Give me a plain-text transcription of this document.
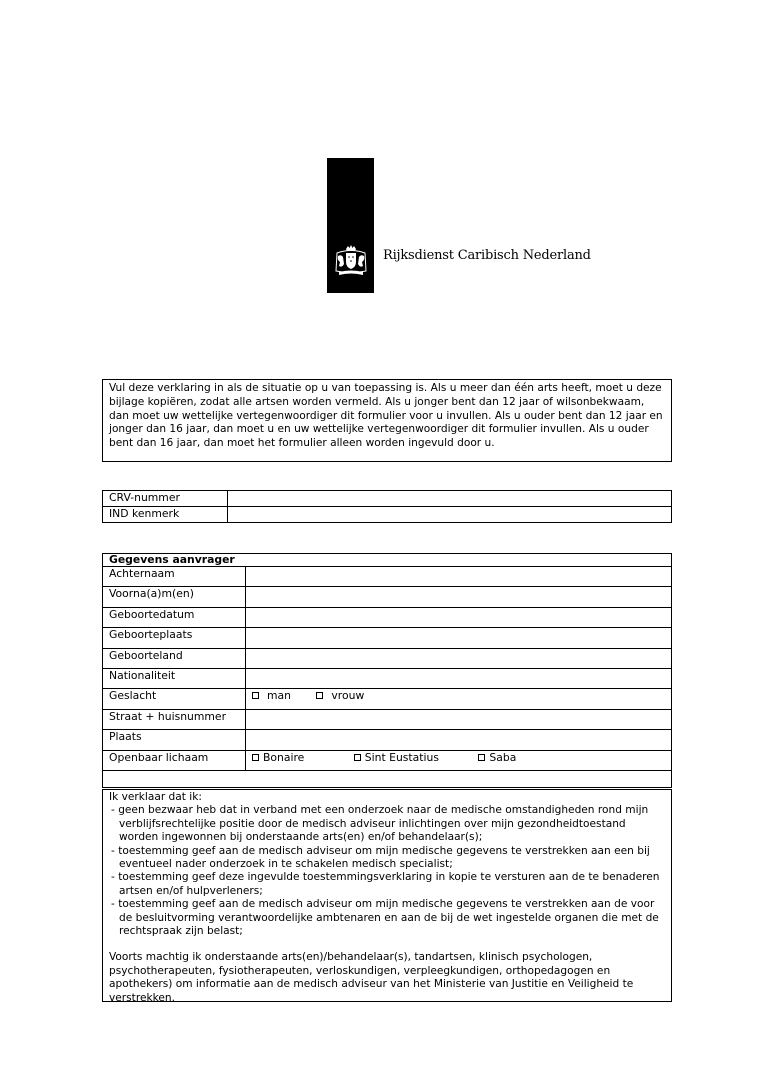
Rijksdienst Caribisch Nederland
Vul deze verklaring in als de situatie op u van toepassing is. Als u meer dan één arts heeft, moet u deze bijlage kopiëren, zodat alle artsen worden vermeld. Als u jonger bent dan 12 jaar of wilsonbekwaam, dan moet uw wettelijke vertegenwoordiger dit formulier voor u invullen. Als u ouder bent dan 12 jaar en jonger dan 16 jaar, dan moet u en uw wettelijke vertegenwoordiger dit formulier invullen. Als u ouder bent dan 16 jaar, dan moet het formulier alleen worden ingevuld door u.
CRV-nummer	
IND kenmerk	
Gegevens aanvrager	
Achternaam	
Voorna(a)m(en)	
Geboortedatum	
Geboorteplaats	
Geboorteland	
Nationaliteit	
Geslacht	man vrouw
Straat + huisnummer	
Plaats	
Openbaar lichaam	Bonaire Sint Eustatius Saba

Ik verklaar dat ik:

- geen bezwaar heb dat in verband met een onderzoek naar de medische omstandigheden rond mijn verblijfsrechtelijke positie door de medisch adviseur inlichtingen over mijn gezondheidtoestand worden ingewonnen bij onderstaande arts(en) en/of behandelaar(s);
- toestemming geef aan de medisch adviseur om mijn medische gegevens te verstrekken aan een bij eventueel nader onderzoek in te schakelen medisch specialist;
- toestemming geef deze ingevulde toestemmingsverklaring in kopie te versturen aan de te benaderen artsen en/of hulpverleners;
- toestemming geef aan de medisch adviseur om mijn medische gegevens te verstrekken aan de voor de besluitvorming verantwoordelijke ambtenaren en aan de bij de wet ingestelde organen die met de rechtspraak zijn belast;

Voorts machtig ik onderstaande arts(en)/behandelaar(s), tandartsen, klinisch psychologen, psychotherapeuten, fysiotherapeuten, verloskundigen, verpleegkundigen, orthopedagogen en apothekers) om informatie aan de medisch adviseur van het Ministerie van Justitie en Veiligheid te verstrekken.
